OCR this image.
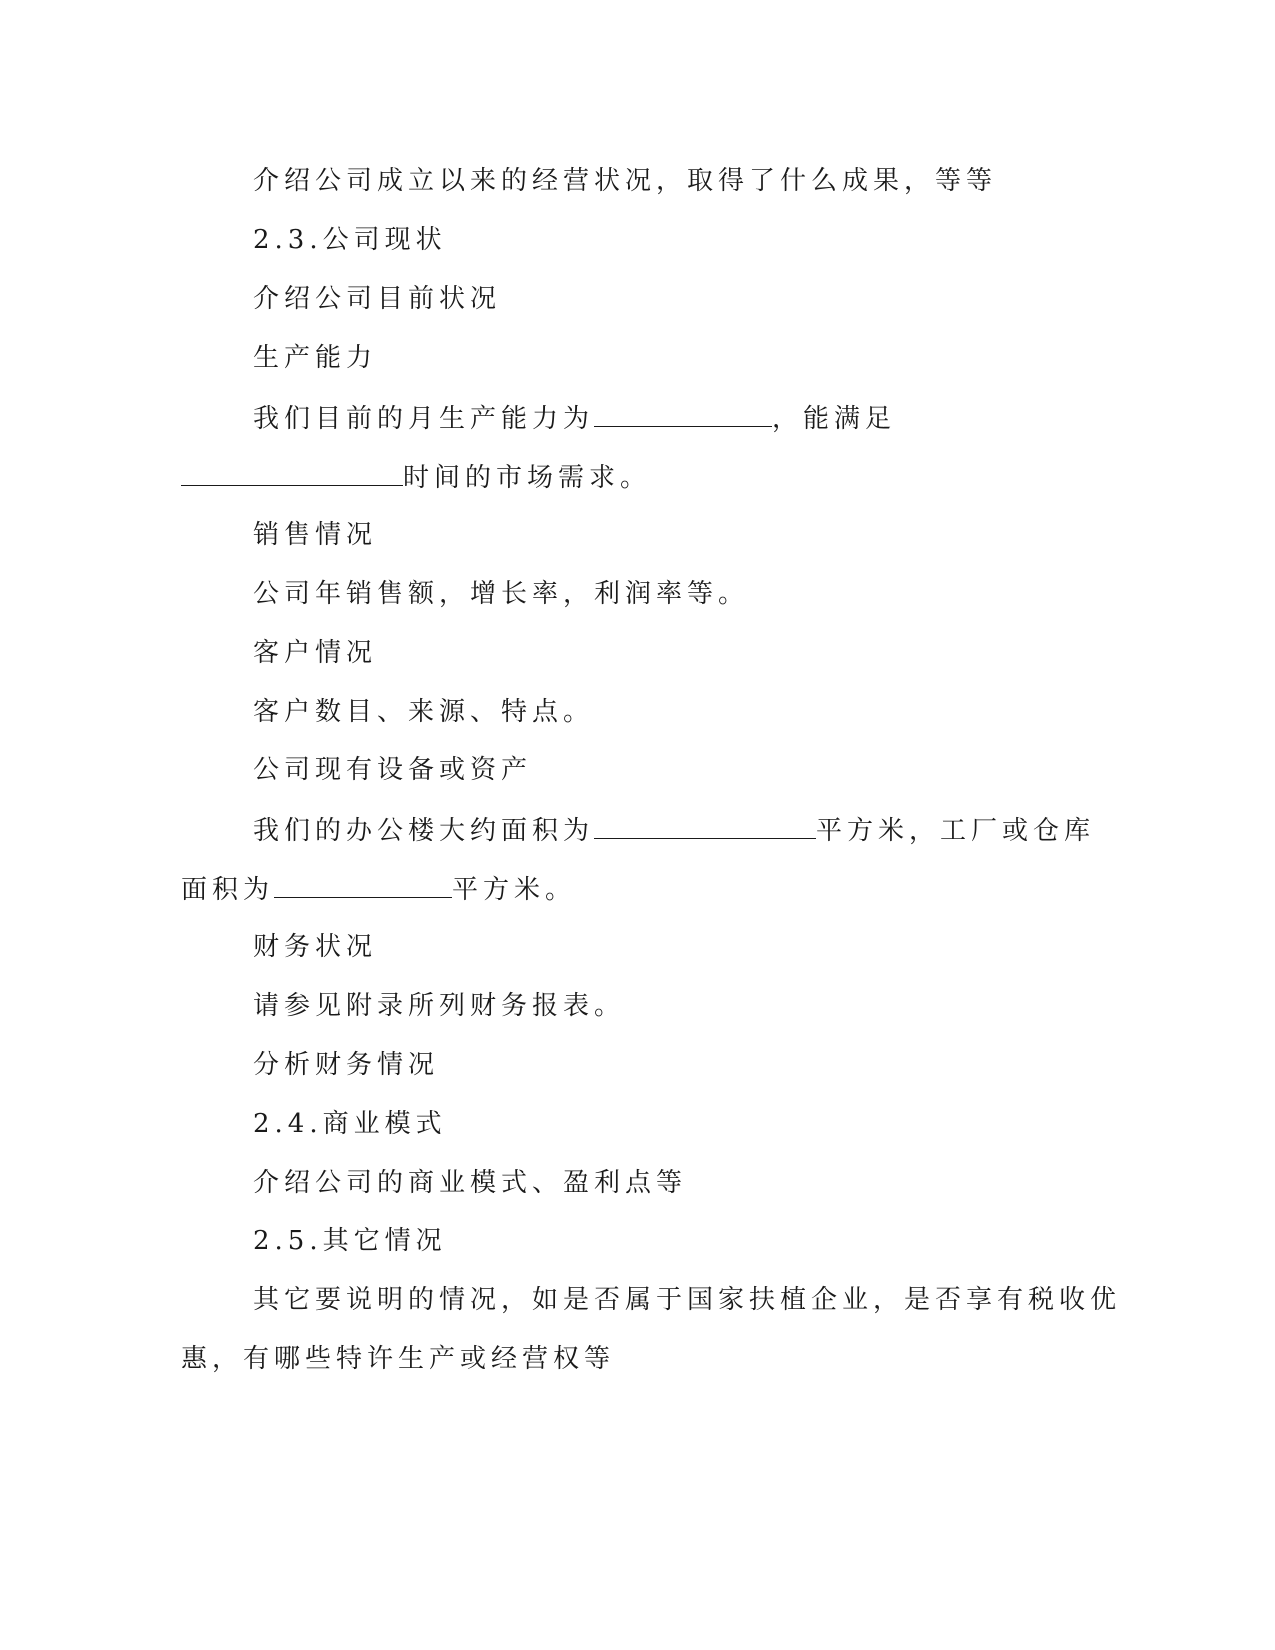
介绍公司成立以来的经营状况，取得了什么成果，等等
2.3.公司现状
介绍公司目前状况
生产能力
我们目前的月生产能力为	，能满足
时间的市场需求。
销售情况
公司年销售额，增长率，利润率等。
客户情况
客户数目、来源、特点。
公司现有设备或资产
我们的办公楼大约面积为	平方米，工厂或仓库
面积为	平方米。
财务状况
请参见附录所列财务报表。
分析财务情况
2.4.商业模式
介绍公司的商业模式、盈利点等
2.5.其它情况
其它要说明的情况，如是否属于国家扶植企业，是否享有税收优
惠，有哪些特许生产或经营权等
